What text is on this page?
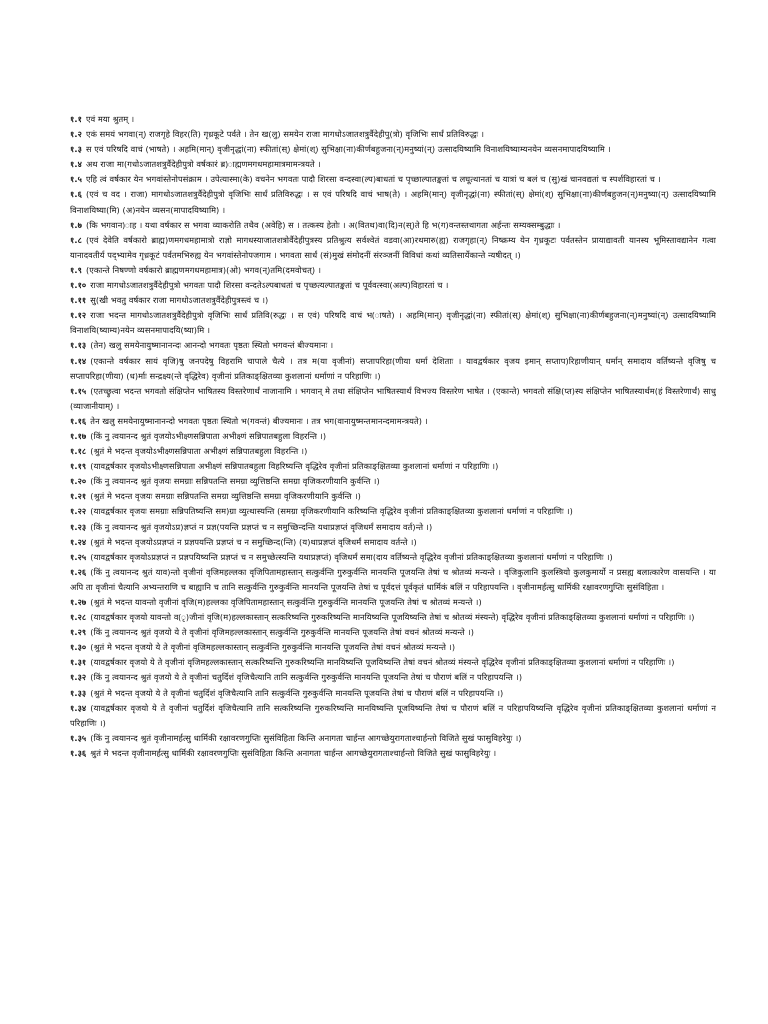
१.१ एवं मया श्रुतम् ।

१.२ एकं समयं भगवा(न्) राजगृहे विहर(ति) गृध्रकूटे पर्वते । तेन ख(लु) समयेन राजा मागधोऽजातशत्रुर्वैदेहीपु(त्रो) वृजिभिः सार्धं प्रतिविरुद्धः ।

१.३ स एवं परिषदि वाचं (भाषते) । अहमि(मान्) वृजीनृद्धां(ना) स्फीतां(स्) क्षेमां(श्) सुभिक्षा(ना)कीर्णबहुजना(न्)मनुष्यां(न्) उत्सादयिष्यामि विनाशयिष्याम्यनयेन व्यसनमापादयिष्यामि ।

१.४ अथ राजा मा(गधोऽजातशत्रुर्वैदेहीपुत्रो वर्षकारं ब्र)ाह्मणमगधमहामात्रमामन्त्रयते ।

१.५ एहि त्वं वर्षकार येन भगवांस्तेनोपसंक्राम । उपेत्यास्मा(के) वचनेन भगवतः पादौ शिरसा वन्दस्वा(ल्प)बाधतां च पृच्छाल्पातङ्कतां च लघूत्थानतां च यात्रां च बलं च (सु)खं चानवद्यतां च स्पर्शविहारतां च ।

१.६ (एवं च वद । राजा) मागधोऽजातशत्रुर्वैदेहीपुत्रो वृजिभिः सार्धं प्रतिविरुद्धः । स एवं परिषदि वाचं भाष(ते) । अहमि(मान्) वृजीनृद्धां(ना) स्फीतां(स्) क्षेमां(श्) सुभिक्षा(ना)कीर्णबहुजन(न्)मनुष्या(न्) उत्सादयिष्यामि विनाशयिष्या(मि) (अ)नयेन व्यसन(मापादयिष्यामि) ।

१.७ (कि भगवान)ाह । यथा वर्षकार स भगवा व्याकरोति तथैव (अवेहि) स । तत्कस्य हेतोः । अ(वितथ)वा(दि)न(स्)ते हि भ(ग)वन्तस्तथागता अर्हन्तः सम्यक्सम्बुद्धाः ।

१.८ (एवं देवेति वर्षकारो ब्राह्म)णमगधमहामात्रो राज्ञो मागधस्याजातशत्रोर्वैदेहीपुत्रस्य प्रतिश्रुत्य सर्वश्वेतं वडवा(आ)रथमारु(ह्य) राजगृहा(न्) निष्क्रम्य येन गृध्रकूटः पर्वतस्तेन प्रायाद्यावती यानस्य भूमिस्तावद्यानेन गत्वा यानादवतीर्य पद्भ्यामेव गृध्रकूटं पर्वतमभिरुह्य येन भगवांस्तेनोपजगाम । भगवता सार्धं (सं)मुखं संमोदनीं संरञ्जनीं विविधां कथां व्यतिसार्येकान्ते न्यषीदत् ।)

१.९ (एकान्ते निषण्णो वर्षकारो ब्राह्मणमगधमहामात्र)(ओ) भगव(न्)तमि(दमवोचत्) ।

१.१० राजा मागधोऽजातशत्रुर्वैदेहीपुत्रो भगवतः पादौ शिरसा वन्दतेऽल्पबाधतां च पृच्छत्यल्पातङ्कतां च पूर्ववत्स्वा(अल्प)विहारतां च ।

१.११ सु(खी भवतु वर्षकार राजा मागधोऽजातशत्रुर्वैदेहीपुत्रस्त्वं च ।)

१.१२ राजा भदन्त मागधोऽजातशत्रुर्वैदेहीपुत्रो वृजिभिः सार्धं प्रतिवि(रुद्धः । स एवं) परिषदि वाचं भ(ाषते) । अहमि(मान्) वृजीनृद्धां(ना) स्फीतां(स्) क्षेमां(श्) सुभिक्षा(ना)कीर्णबहुजना(न्)मनुष्यां(न्) उत्सादयिष्यामि विनाशयि(ष्याम्य)नयेन व्यसनमापादयि(ष्या)मि ।

१.१३ (तेन) खलु समयेनायुष्मानानन्दः आनन्दो भगवतः पृष्ठतः स्थितो भगवन्तं बीज्यमानः ।

१.१४ (एकान्ते वर्षकार सायं वृजि)षु जनपदेषु विहरामि चापाले चैत्ये । तत्र म(या वृजीनां) सप्तापरिहा(णीया धर्मा देशिताः । यावद्वर्षकार वृजय इमान् सप्ताप)रिहाणीयान् धर्मान् समादाय वर्तिष्यन्ते वृजिषु च सप्तापरिहा(णीया) (ध)र्माः सन्द्रक्ष्य(न्ते वृद्धिरेव) वृजीनां प्रतिकाङ्क्षितव्या कुशलानां धर्माणां न परिहाणिः ।)

१.१५ (एतच्छ्रुत्वा भदन्त भगवतो संक्षिप्तेन भाषितस्य विस्तरेणार्थं नाजानामि । भगवान् मे तथा संक्षिप्तेन भाषितस्यार्थं विभज्य विस्तरेण भाषेत । (एकान्ते) भगवतो संक्षि(प्त)स्य संक्षिप्तेन भाषितस्यार्थम(हं विस्तरेणार्थं) साधु (व्याजानीयाम्) ।

१.१६ तेन खलु समयेनायुष्मानानन्दो भगवतः पृष्ठतः स्थितो भ(गवन्तं) बीज्यमानः । तत्र भग(वानायुष्मन्तमानन्दमामन्त्रयते) ।

१.१७ (किं नु त्वयानन्द श्रुतं वृजयोऽभीक्ष्णसन्निपाता अभीक्ष्णं सन्निपातबहुला विहरन्ति ।)

१.१८ (श्रुतं मे भदन्त वृजयोऽभीक्ष्णसन्निपाता अभीक्ष्णं सन्निपातबहुला विहरन्ति ।)

१.१९ (यावद्वर्षकार वृजयोऽभीक्ष्णसन्निपाता अभीक्ष्णं सन्निपातबहुला विहरिष्यन्ति वृद्धिरेव वृजीनां प्रतिकाङ्क्षितव्या कुशलानां धर्माणां न परिहाणिः ।)

१.२० (किं नु त्वयानन्द श्रुतं वृजयः समग्राः सन्निपतन्ति समग्रा व्युत्तिष्ठन्ति समग्रा वृजिकरणीयानि कुर्वन्ति ।)

१.२१ (श्रुतं मे भदन्त वृजयः समग्राः सन्निपतन्ति समग्रा व्युत्तिष्ठन्ति समग्रा वृजिकरणीयानि कुर्वन्ति ।)

१.२२ (यावद्वर्षकार वृजयः समग्राः सन्निपतिष्यन्ति सम)ग्रा व्युत्थास्यन्ति (समग्रा वृजिकरणीयानि करिष्यन्ति वृद्धिरेव वृजीनां प्रतिकाङ्क्षितव्या कुशलानां धर्माणां न परिहाणिः ।)

१.२३ (किं नु त्वयानन्द श्रुतं वृजयोऽप्र)ज्ञप्तं न प्रज्ञ(पयन्ति प्रज्ञप्तं च न समुच्छिन्दन्ति यथाप्रज्ञप्तं वृजिधर्मं समादाय वर्त)न्ते ।)

१.२४ (श्रुतं मे भदन्त वृजयोऽप्रज्ञप्तं न प्रज्ञपयन्ति प्रज्ञप्तं च न समुच्छिन्द(न्ति) (य)थाप्रज्ञप्तं वृजिधर्मं समादाय वर्तन्ते ।)

१.२५ (यावद्वर्षकार वृजयोऽप्रज्ञप्तं न प्रज्ञपयिष्यन्ति प्रज्ञप्तं च न समुच्छेत्स्यन्ति यथाप्रज्ञप्तं) वृजिधर्मं समा(दाय वर्तिष्यन्ते वृद्धिरेव वृजीनां प्रतिकाङ्क्षितव्या कुशलानां धर्माणां न परिहाणिः ।)

१.२६ (किं नु त्वयानन्द श्रुतं याव)न्तो वृजीनां वृजिमहल्लका वृजिपितामहास्तान् सत्कुर्वन्ति गुरुकुर्वन्ति मानयन्ति पूजयन्ति तेषां च श्रोतव्यं मन्यन्ते । वृजिकुलानि कुलस्त्रियो कुलकुमार्यो न प्रसह्य बलात्कारेण वासयन्ति । या अपि ता वृजीनां चैत्यानि अभ्यन्तराणि च बाह्यानि च तानि सत्कुर्वन्ति गुरुकुर्वन्ति मानयन्ति पूजयन्ति तेषां च पूर्वदत्तं पूर्वकृतं धार्मिकं बलिं न परिहापयन्ति । वृजीनामर्हत्सु धार्मिकी रक्षावरणगुप्तिः सुसंविहिता ।

१.२७ (श्रुतं मे भदन्त यावन्तो वृजीनां वृजि(म)हल्लका वृजिपितामहास्तान् सत्कुर्वन्ति गुरुकुर्वन्ति मानयन्ति पूजयन्ति तेषां च श्रोतव्यं मन्यन्ते ।)

१.२८ (यावद्वर्षकार वृजयो यावन्तो व(ृ)जीनां वृजि(म)हल्लकास्तान् सत्करिष्यन्ति गुरुकरिष्यन्ति मानयिष्यन्ति पूजयिष्यन्ति तेषां च श्रोतव्यं मंस्यन्ते) वृद्धिरेव वृजीनां प्रतिकाङ्क्षितव्या कुशलानां धर्माणां न परिहाणिः ।)

१.२९ (किं नु त्वयानन्द श्रुतं वृजयो ये ते वृजीनां वृजिमहल्लकास्तान् सत्कुर्वन्ति गुरुकुर्वन्ति मानयन्ति पूजयन्ति तेषां वचनं श्रोतव्यं मन्यन्ते ।)

१.३० (श्रुतं मे भदन्त वृजयो ये ते वृजीनां वृजिमहल्लकास्तान् सत्कुर्वन्ति गुरुकुर्वन्ति मानयन्ति पूजयन्ति तेषां वचनं श्रोतव्यं मन्यन्ते ।)

१.३१ (यावद्वर्षकार वृजयो ये ते वृजीनां वृजिमहल्लकास्तान् सत्करिष्यन्ति गुरुकरिष्यन्ति मानयिष्यन्ति पूजयिष्यन्ति तेषां वचनं श्रोतव्यं मंस्यन्ते वृद्धिरेव वृजीनां प्रतिकाङ्क्षितव्या कुशलानां धर्माणां न परिहाणिः ।)

१.३२ (किं नु त्वयानन्द श्रुतं वृजयो ये ते वृजीनां चतुर्दिशं वृजिचैत्यानि तानि सत्कुर्वन्ति गुरुकुर्वन्ति मानयन्ति पूजयन्ति तेषां च पौराणं बलिं न परिहापयन्ति ।)

१.३३ (श्रुतं मे भदन्त वृजयो ये ते वृजीनां चतुर्दिशं वृजिचैत्यानि तानि सत्कुर्वन्ति गुरुकुर्वन्ति मानयन्ति पूजयन्ति तेषां च पौराणं बलिं न परिहापयन्ति ।)

१.३४ (यावद्वर्षकार वृजयो ये ते वृजीनां चतुर्दिशं वृजिचैत्यानि तानि सत्करिष्यन्ति गुरुकरिष्यन्ति मानयिष्यन्ति पूजयिष्यन्ति तेषां च पौराणं बलिं न परिहापयिष्यन्ति वृद्धिरेव वृजीनां प्रतिकाङ्क्षितव्या कुशलानां धर्माणां न परिहाणिः ।)

१.३५ (किं नु त्वयानन्द श्रुतं वृजीनामर्हत्सु धार्मिकी रक्षावरणगुप्तिः सुसंविहिता किन्ति अनागता चार्हन्त आगच्छेयुरागताश्चार्हन्तो विजिते सुखं फासुविहरेयुः ।)

१.३६ श्रुतं मे भदन्त वृजीनामर्हत्सु धार्मिकी रक्षावरणगुप्तिः सुसंविहिता किन्ति अनागता चार्हन्त आगच्छेयुरागताश्चार्हन्तो विजिते सुखं फासुविहरेयुः ।
